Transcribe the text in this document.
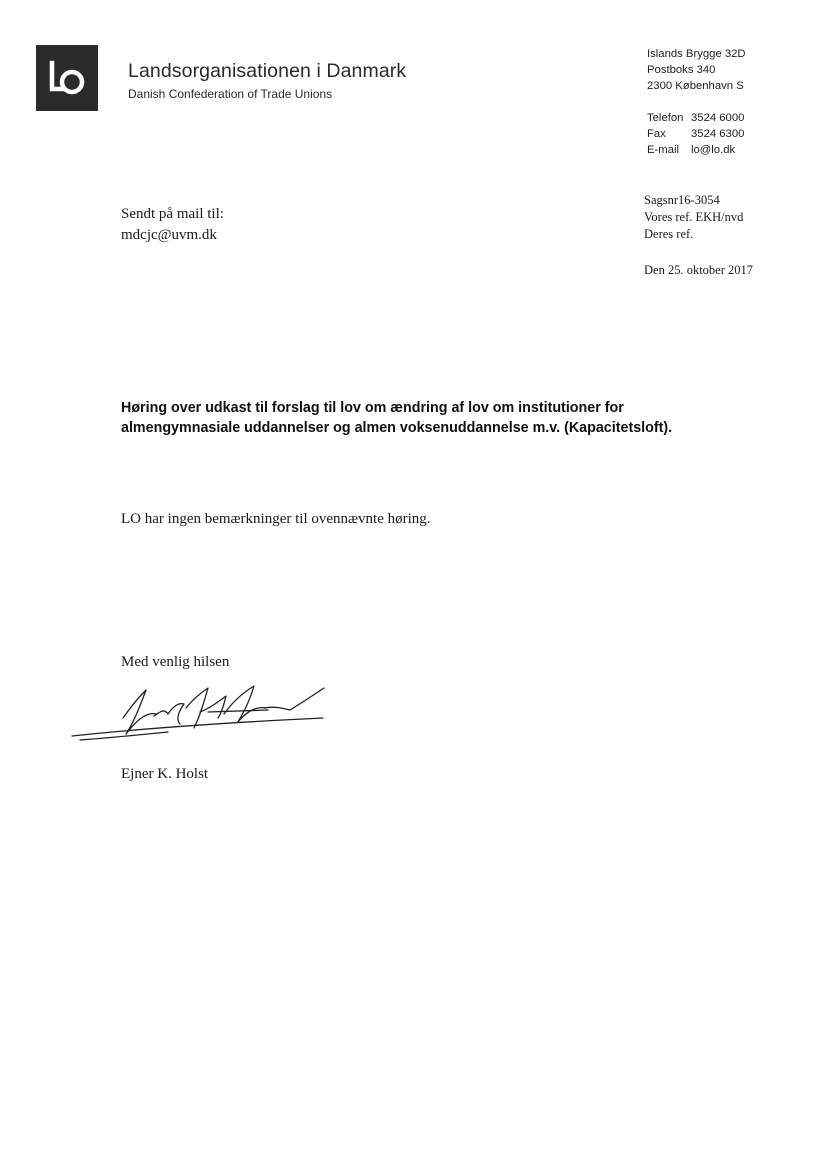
Landsorganisationen i Danmark
Danish Confederation of Trade Unions
Islands Brygge 32D
Postboks 340
2300 København S
Telefon 3524 6000
Fax	3524 6300
E-mail	lo@lo.dk
Sagsnr16-3054
Vores ref. EKH/nvd
Deres ref.
Den 25. oktober 2017
Sendt på mail til:
mdcjc@uvm.dk
Høring over udkast til forslag til lov om ændring af lov om institutioner for almengymnasiale uddannelser og almen voksenuddannelse m.v. (Kapacitetsloft).
LO har ingen bemærkninger til ovennævnte høring.
Med venlig hilsen
Ejner K. Holst
